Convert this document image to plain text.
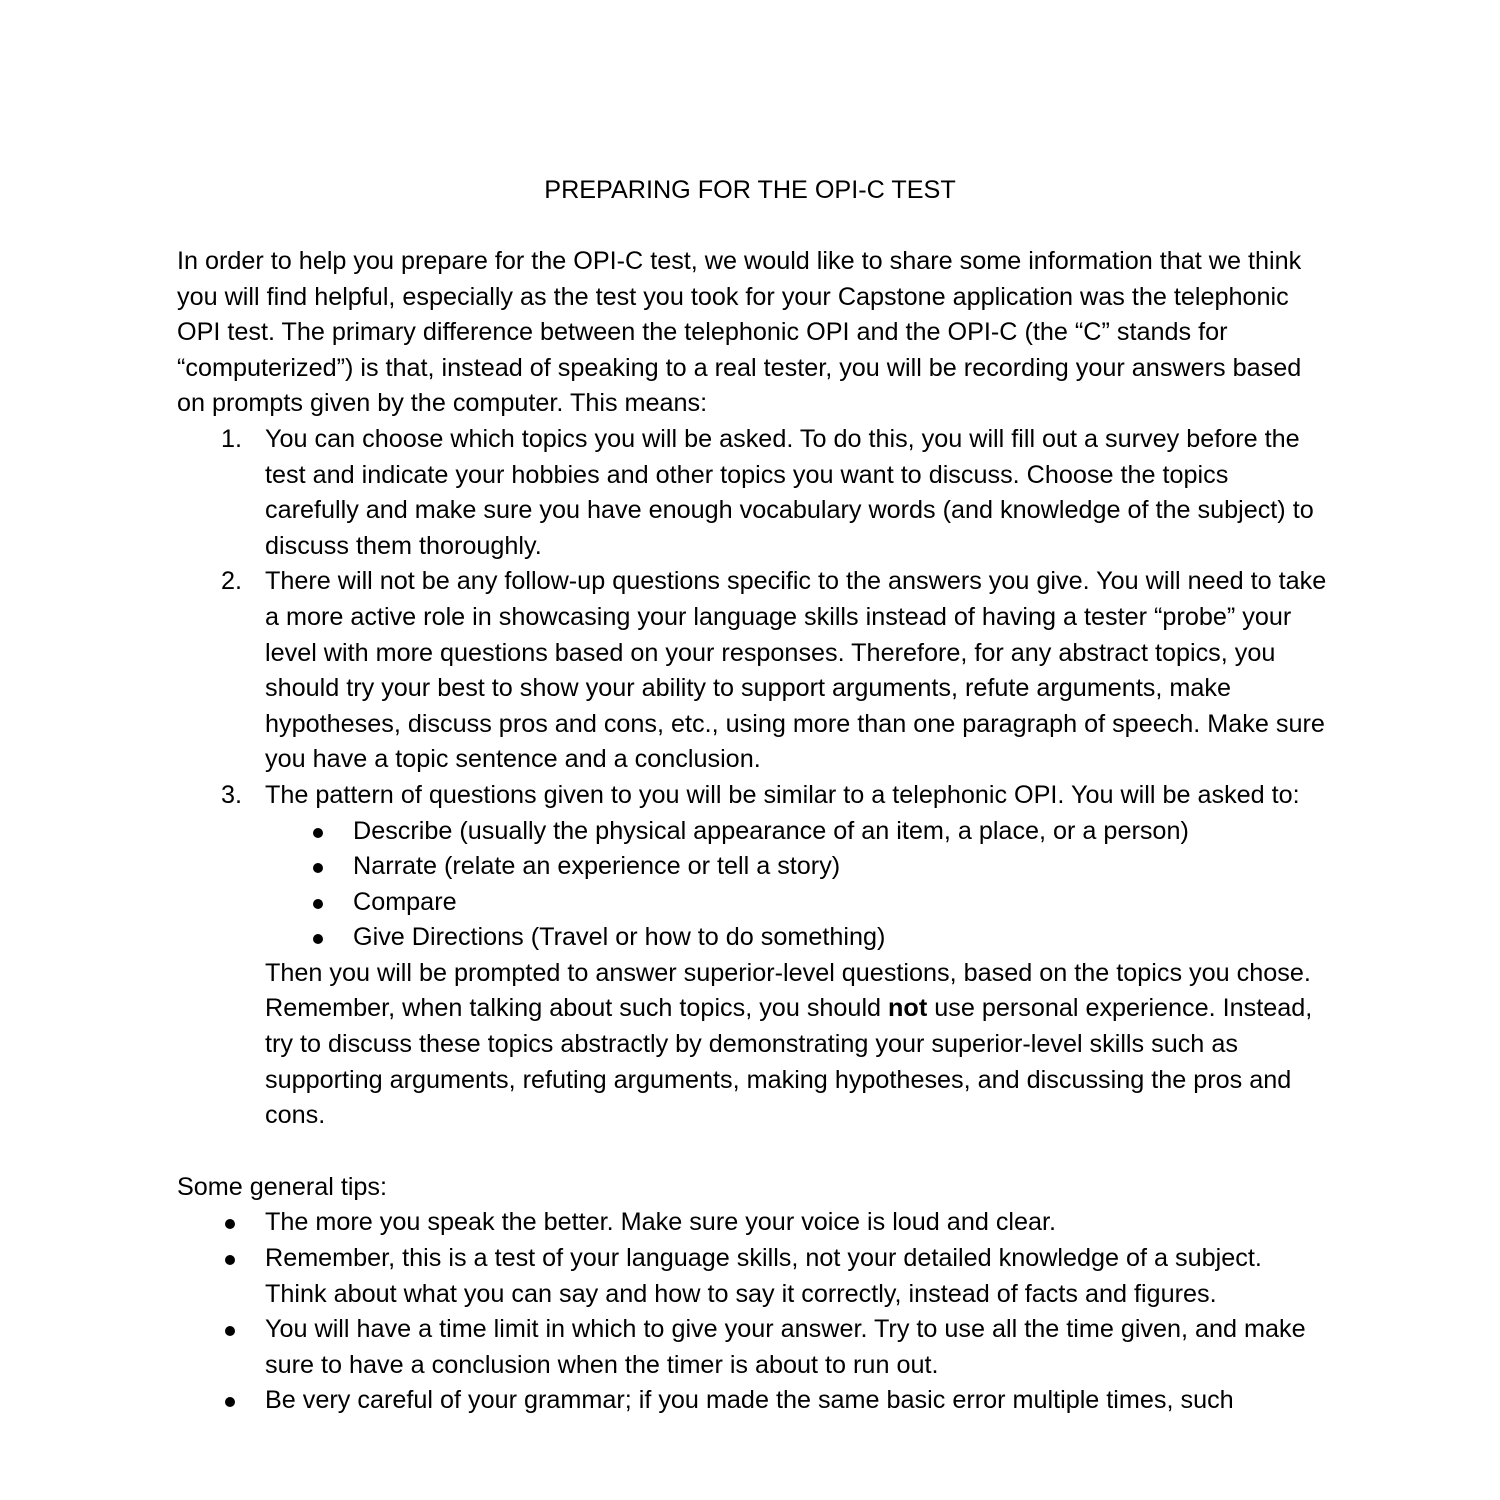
PREPARING FOR THE OPI-C TEST

In order to help you prepare for the OPI-C test, we would like to share some information that we think you will find helpful, especially as the test you took for your Capstone application was the telephonic OPI test. The primary difference between the telephonic OPI and the OPI-C (the “C” stands for “computerized”) is that, instead of speaking to a real tester, you will be recording your answers based on prompts given by the computer. This means:

1. You can choose which topics you will be asked. To do this, you will fill out a survey before the test and indicate your hobbies and other topics you want to discuss. Choose the topics carefully and make sure you have enough vocabulary words (and knowledge of the subject) to discuss them thoroughly.
2. There will not be any follow-up questions specific to the answers you give. You will need to take a more active role in showcasing your language skills instead of having a tester “probe” your level with more questions based on your responses. Therefore, for any abstract topics, you should try your best to show your ability to support arguments, refute arguments, make hypotheses, discuss pros and cons, etc., using more than one paragraph of speech. Make sure you have a topic sentence and a conclusion.
3. The pattern of questions given to you will be similar to a telephonic OPI. You will be asked to:
Describe (usually the physical appearance of an item, a place, or a person)
Narrate (relate an experience or tell a story)
Compare
Give Directions (Travel or how to do something)
Then you will be prompted to answer superior-level questions, based on the topics you chose. Remember, when talking about such topics, you should not use personal experience. Instead, try to discuss these topics abstractly by demonstrating your superior-level skills such as supporting arguments, refuting arguments, making hypotheses, and discussing the pros and cons.

Some general tips:

The more you speak the better. Make sure your voice is loud and clear.
Remember, this is a test of your language skills, not your detailed knowledge of a subject. Think about what you can say and how to say it correctly, instead of facts and figures.
You will have a time limit in which to give your answer. Try to use all the time given, and make sure to have a conclusion when the timer is about to run out.
Be very careful of your grammar; if you made the same basic error multiple times, such
